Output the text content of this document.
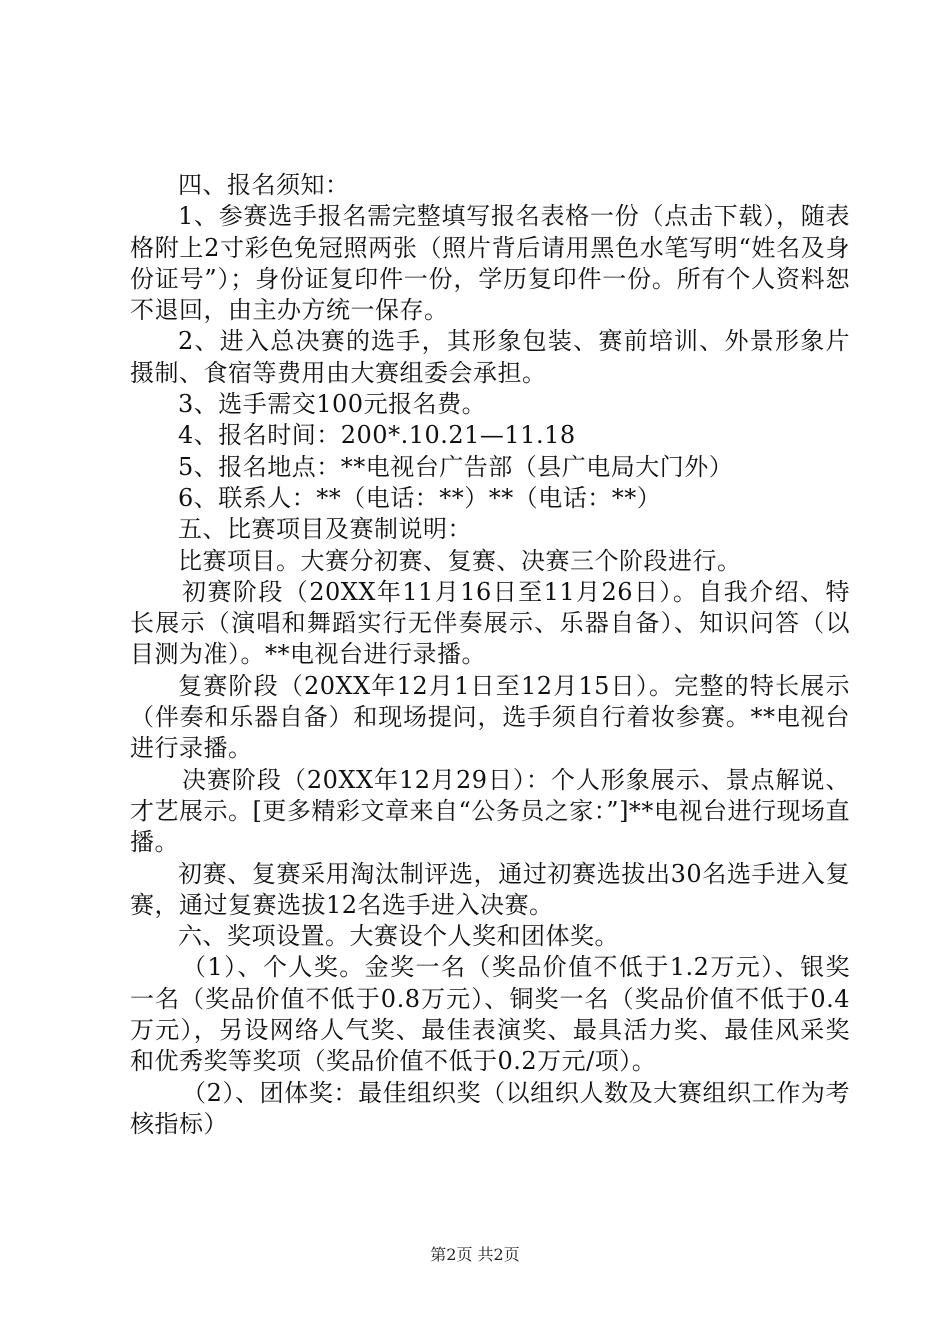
四、报名须知：

1、参赛选手报名需完整填写报名表格一份（点击下载），随表格附上2寸彩色免冠照两张（照片背后请用黑色水笔写明“姓名及身份证号”）；身份证复印件一份，学历复印件一份。所有个人资料恕不退回，由主办方统一保存。

2、进入总决赛的选手，其形象包装、赛前培训、外景形象片摄制、食宿等费用由大赛组委会承担。

3、选手需交100元报名费。

4、报名时间：200*.10.21—11.18

5、报名地点：**电视台广告部（县广电局大门外）

6、联系人：**（电话：**）**（电话：**）

五、比赛项目及赛制说明：

比赛项目。大赛分初赛、复赛、决赛三个阶段进行。

初赛阶段（20XX年11月16日至11月26日）。自我介绍、特长展示（演唱和舞蹈实行无伴奏展示、乐器自备）、知识问答（以目测为准）。**电视台进行录播。

复赛阶段（20XX年12月1日至12月15日）。完整的特长展示（伴奏和乐器自备）和现场提问，选手须自行着妆参赛。**电视台进行录播。

决赛阶段（20XX年12月29日）：个人形象展示、景点解说、才艺展示。[更多精彩文章来自“公务员之家：”]**电视台进行现场直播。

初赛、复赛采用淘汰制评选，通过初赛选拔出30名选手进入复赛，通过复赛选拔12名选手进入决赛。

六、奖项设置。大赛设个人奖和团体奖。

（1）、个人奖。金奖一名（奖品价值不低于1.2万元）、银奖一名（奖品价值不低于0.8万元）、铜奖一名（奖品价值不低于0.4万元），另设网络人气奖、最佳表演奖、最具活力奖、最佳风采奖和优秀奖等奖项（奖品价值不低于0.2万元/项）。

（2）、团体奖：最佳组织奖（以组织人数及大赛组织工作为考核指标）

第2页 共2页
